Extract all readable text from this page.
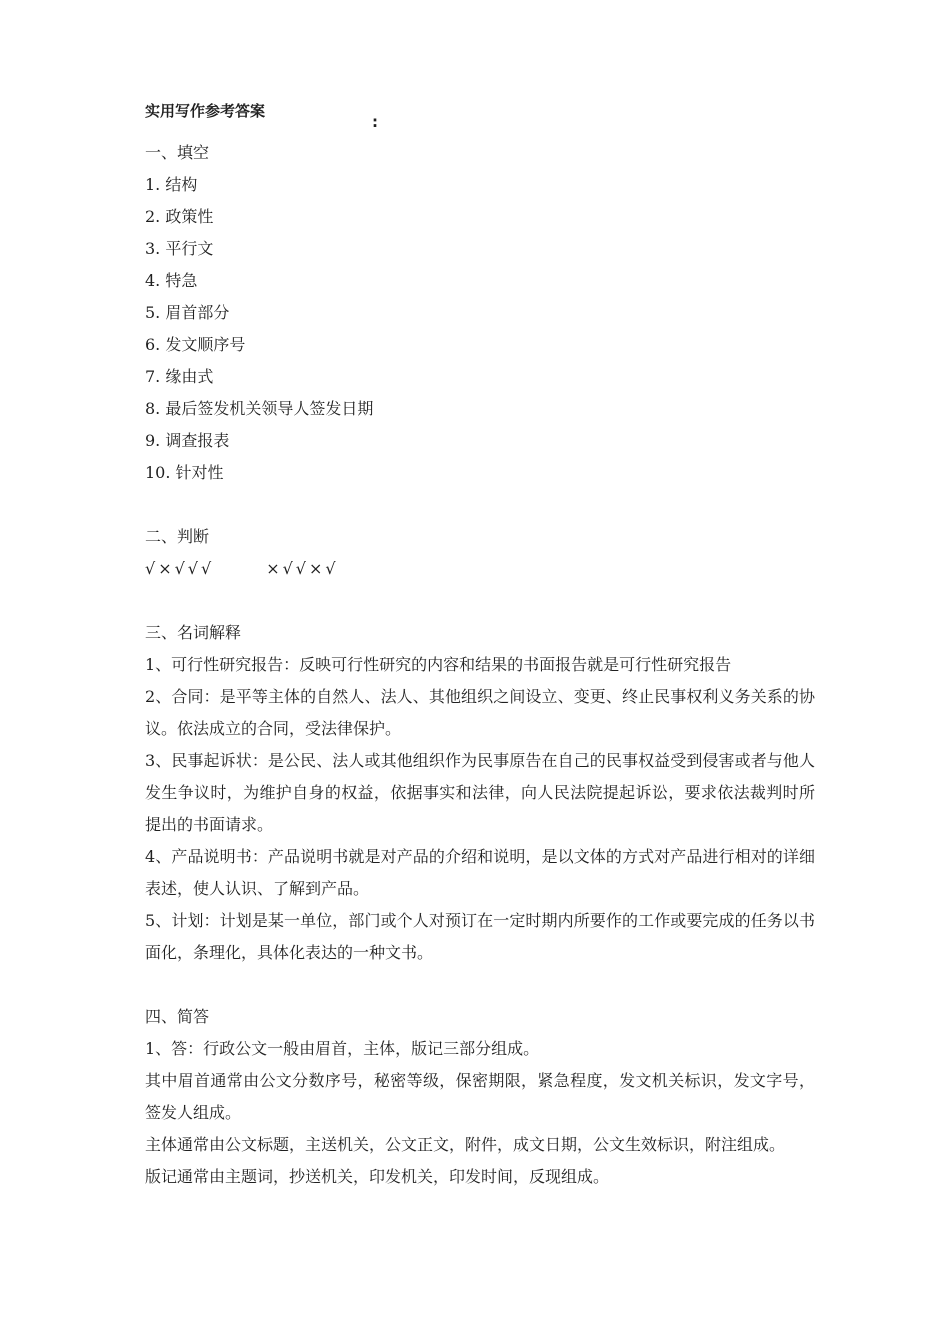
实用写作参考答案
:

一、填空

1. 结构

2. 政策性

3. 平行文

4. 特急

5. 眉首部分

6. 发文顺序号

7. 缘由式

8. 最后签发机关领导人签发日期

9. 调查报表

10. 针对性

二、判断

√×√√√	×√√×√

三、名词解释

1、可行性研究报告：反映可行性研究的内容和结果的书面报告就是可行性研究报告

2、合同：是平等主体的自然人、法人、其他组织之间设立、变更、终止民事权利义务关系的协议。依法成立的合同，受法律保护。

3、民事起诉状：是公民、法人或其他组织作为民事原告在自己的民事权益受到侵害或者与他人发生争议时，为维护自身的权益，依据事实和法律，向人民法院提起诉讼，要求依法裁判时所提出的书面请求。

4、产品说明书：产品说明书就是对产品的介绍和说明，是以文体的方式对产品进行相对的详细表述，使人认识、了解到产品。

5、计划：计划是某一单位，部门或个人对预订在一定时期内所要作的工作或要完成的任务以书面化，条理化，具体化表达的一种文书。

四、简答

1、答：行政公文一般由眉首，主体，版记三部分组成。

其中眉首通常由公文分数序号，秘密等级，保密期限，紧急程度，发文机关标识，发文字号，签发人组成。

主体通常由公文标题，主送机关，公文正文，附件，成文日期，公文生效标识，附注组成。

版记通常由主题词，抄送机关，印发机关，印发时间，反现组成。
